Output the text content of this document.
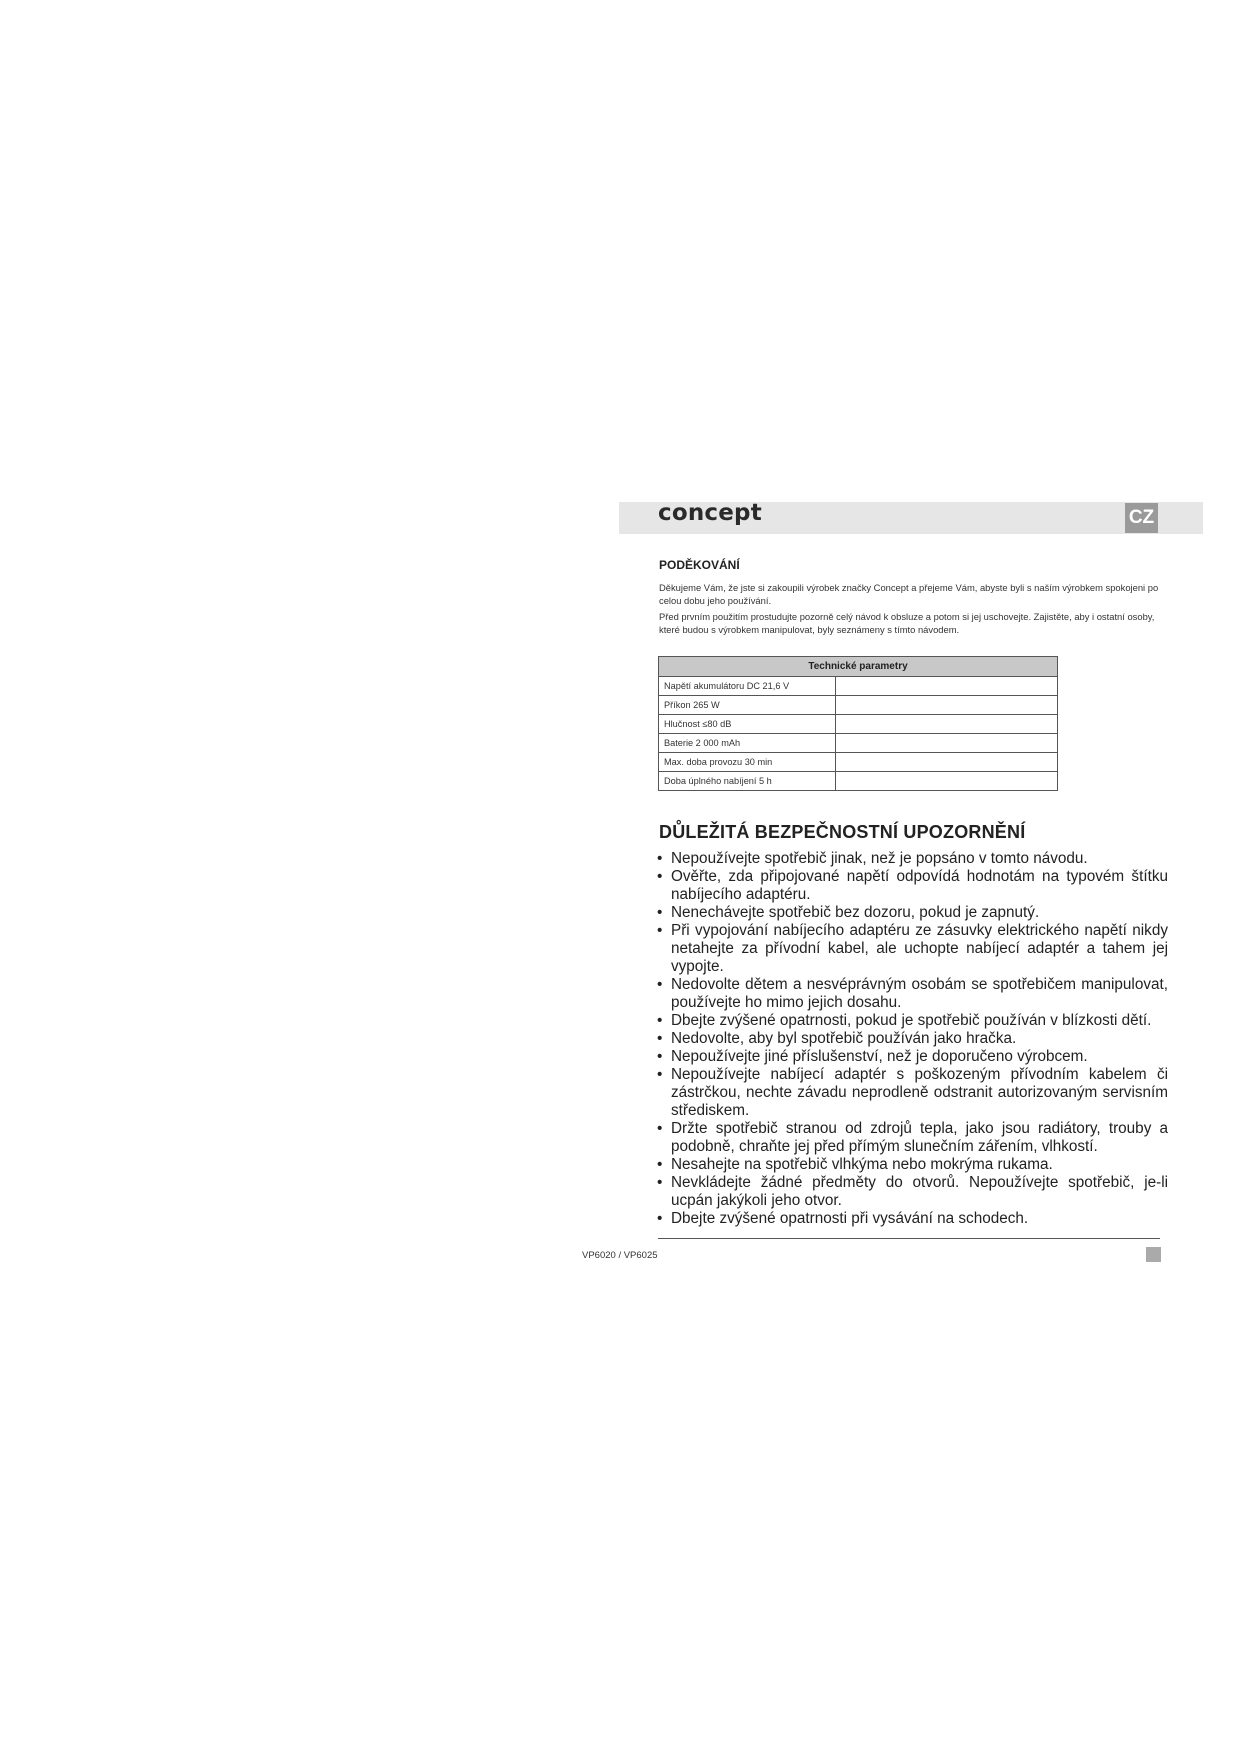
concept	CZ
PODĚKOVÁNÍ
Děkujeme Vám, že jste si zakoupili výrobek značky Concept a přejeme Vám, abyste byli s naším výrobkem spokojeni po celou dobu jeho používání.
Před prvním použitím prostudujte pozorně celý návod k obsluze a potom si jej uschovejte. Zajistěte, aby i ostatní osoby, které budou s výrobkem manipulovat, byly seznámeny s tímto návodem.
Technické parametry	
Napětí akumulátoru DC 21,6 V	
Příkon 265 W	
Hlučnost ≤80 dB	
Baterie 2 000 mAh	
Max. doba provozu 30 min	
Doba úplného nabíjení 5 h	
DŮLEŽITÁ BEZPEČNOSTNÍ UPOZORNĚNÍ
• Nepoužívejte spotřebič jinak, než je popsáno v tomto návodu.
• Ověřte, zda připojované napětí odpovídá hodnotám na typovém štítku nabíjecího adaptéru.
• Nenechávejte spotřebič bez dozoru, pokud je zapnutý.
• Při vypojování nabíjecího adaptéru ze zásuvky elektrického napětí nikdy netahejte za přívodní kabel, ale uchopte nabíjecí adaptér a tahem jej vypojte.
• Nedovolte dětem a nesvéprávným osobám se spotřebičem manipulovat, používejte ho mimo jejich dosahu.
• Dbejte zvýšené opatrnosti, pokud je spotřebič používán v blízkosti dětí.
• Nedovolte, aby byl spotřebič používán jako hračka.
• Nepoužívejte jiné příslušenství, než je doporučeno výrobcem.
• Nepoužívejte nabíjecí adaptér s poškozeným přívodním kabelem či zástrčkou, nechte závadu neprodleně odstranit autorizovaným servisním střediskem.
• Držte spotřebič stranou od zdrojů tepla, jako jsou radiátory, trouby a podobně, chraňte jej před přímým slunečním zářením, vlhkostí.
• Nesahejte na spotřebič vlhkýma nebo mokrýma rukama.
• Nevkládejte žádné předměty do otvorů. Nepoužívejte spotřebič, je-li ucpán jakýkoli jeho otvor.
• Dbejte zvýšené opatrnosti při vysávání na schodech.
VP6020 / VP6025
